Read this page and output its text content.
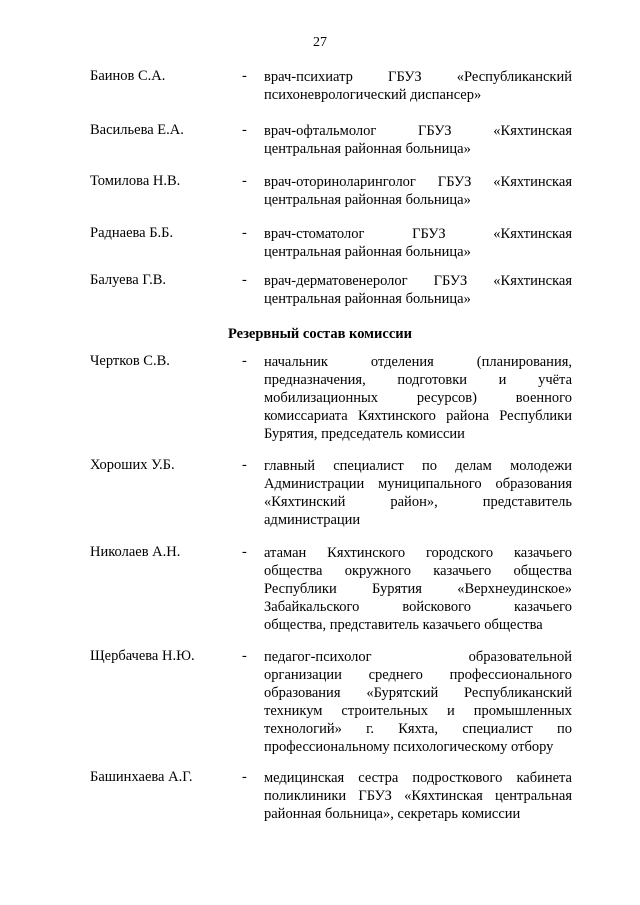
27
Баинов С.А.	- врач-психиатр ГБУЗ «Республиканский
психоневрологический диспансер»
Васильева Е.А.	- врач-офтальмолог ГБУЗ «Кяхтинская
центральная районная больница»
Томилова Н.В.	- врач-оториноларинголог ГБУЗ «Кяхтинская
центральная районная больница»
Раднаева Б.Б.	- врач-стоматолог ГБУЗ «Кяхтинская
центральная районная больница»
Балуева Г.В.	- врач-дерматовенеролог ГБУЗ «Кяхтинская
центральная районная больница»
Резервный состав комиссии
Чертков С.В.	- начальник отделения (планирования,
предназначения, подготовки и учёта
мобилизационных ресурсов) военного
комиссариата Кяхтинского района Республики
Бурятия, председатель комиссии
Хороших У.Б.	- главный специалист по делам молодежи
Администрации муниципального образования
«Кяхтинский район», представитель
администрации
Николаев А.Н.	- атаман Кяхтинского городского казачьего
общества окружного казачьего общества
Республики Бурятия «Верхнеудинское»
Забайкальского войскового казачьего
общества, представитель казачьего общества
Щербачева Н.Ю.	- педагог-психолог образовательной
организации среднего профессионального
образования «Бурятский Республиканский
техникум строительных и промышленных
технологий» г. Кяхта, специалист по
профессиональному психологическому отбору
Башинхаева А.Г.	- медицинская сестра подросткового кабинета
поликлиники ГБУЗ «Кяхтинская центральная
районная больница», секретарь комиссии
